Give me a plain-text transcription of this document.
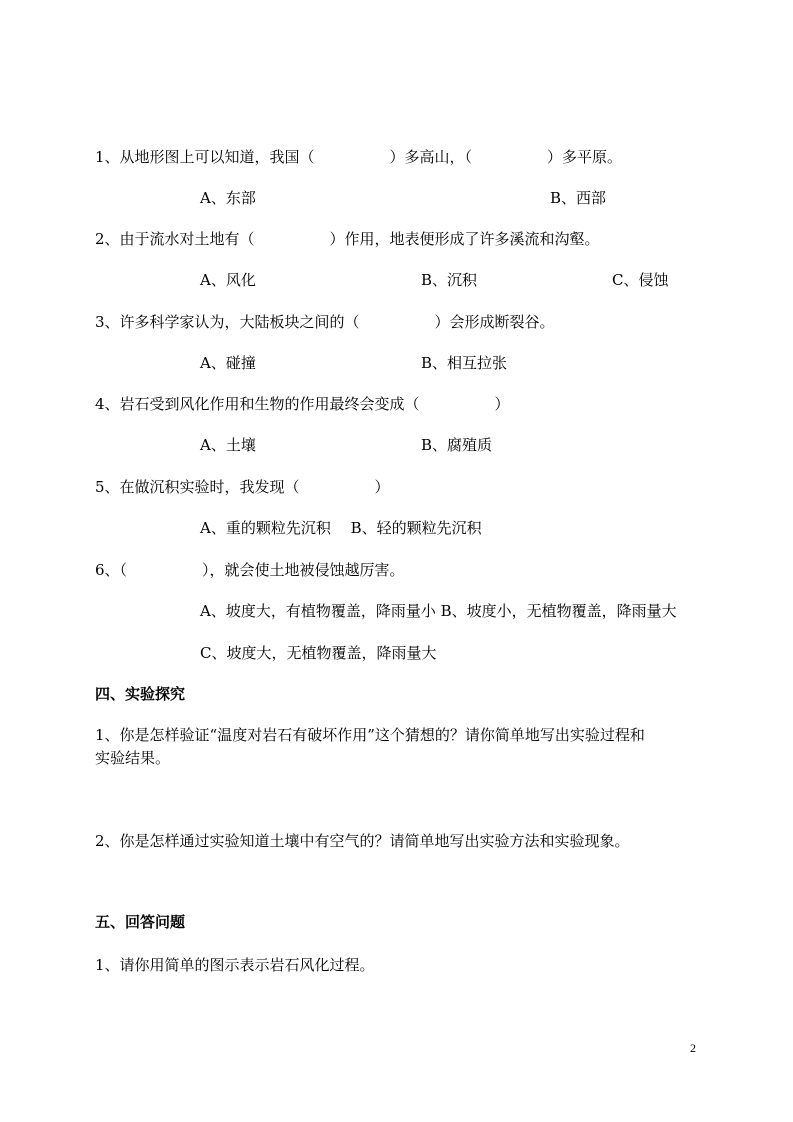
1、从地形图上可以知道，我国（　　　　　）多高山，（　　　　　）多平原。
A、东部	B、西部
2、由于流水对土地有（　　　　　）作用，地表便形成了许多溪流和沟壑。
A、风化	B、沉积	C、侵蚀
3、许多科学家认为，大陆板块之间的（　　　　　）会形成断裂谷。
A、碰撞	B、相互拉张
4、岩石受到风化作用和生物的作用最终会变成（　　　　　）
A、土壤	B、腐殖质
5、在做沉积实验时，我发现（　　　　　）
A、重的颗粒先沉积　 B、轻的颗粒先沉积
6、（　　　　　），就会使土地被侵蚀越厉害。
A、坡度大，有植物覆盖，降雨量小 B、坡度小，无植物覆盖，降雨量大
C、坡度大，无植物覆盖，降雨量大
四、实验探究
1、你是怎样验证“温度对岩石有破坏作用”这个猜想的？请你简单地写出实验过程和
实验结果。
2、你是怎样通过实验知道土壤中有空气的？请简单地写出实验方法和实验现象。
五、回答问题
1、请你用简单的图示表示岩石风化过程。
2
